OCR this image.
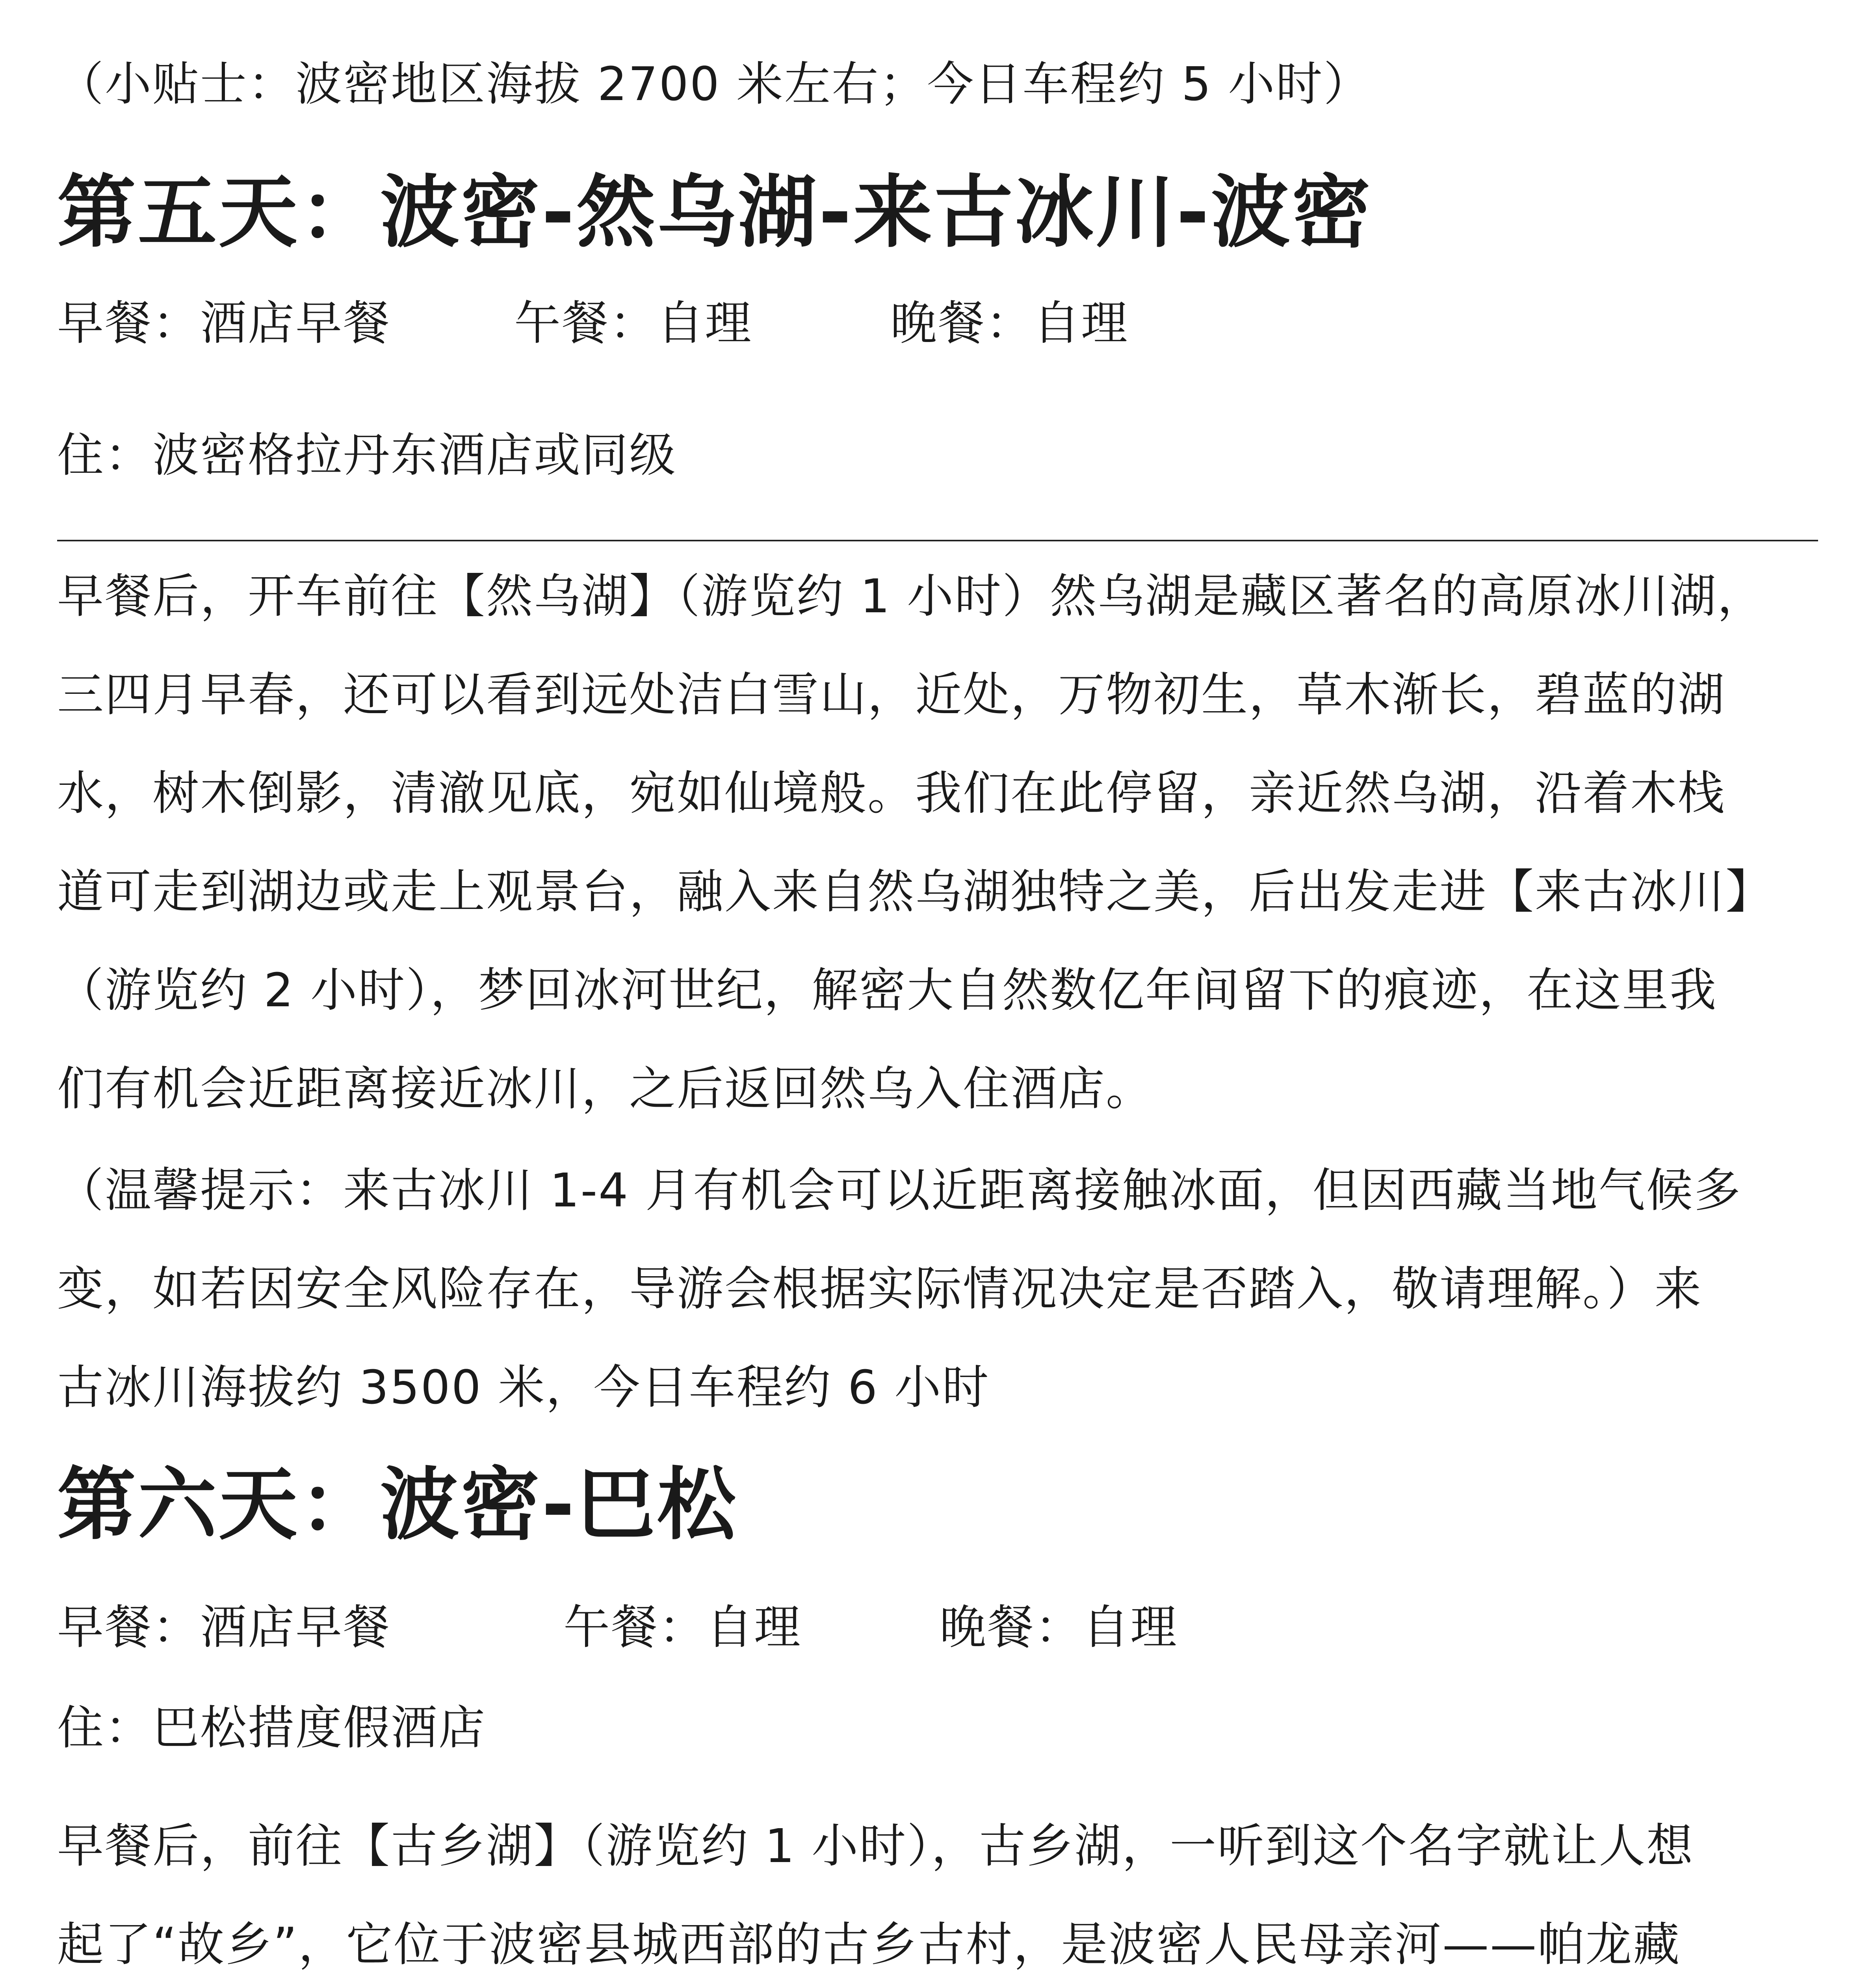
（小贴士：波密地区海拔 2700 米左右；今日车程约 5 小时）
第五天：波密-然乌湖-来古冰川-波密
早餐：酒店早餐	午餐：自理	晚餐：自理
住：波密格拉丹东酒店或同级
早餐后，开车前往【然乌湖】（游览约 1 小时）然乌湖是藏区著名的高原冰川湖，
三四月早春，还可以看到远处洁白雪山，近处，万物初生，草木渐长，碧蓝的湖
水，树木倒影，清澈见底，宛如仙境般。我们在此停留，亲近然乌湖，沿着木栈
道可走到湖边或走上观景台，融入来自然乌湖独特之美，后出发走进【来古冰川】
（游览约 2 小时），梦回冰河世纪，解密大自然数亿年间留下的痕迹，在这里我
们有机会近距离接近冰川，之后返回然乌入住酒店。
（温馨提示：来古冰川 1-4 月有机会可以近距离接触冰面，但因西藏当地气候多
变，如若因安全风险存在，导游会根据实际情况决定是否踏入，敬请理解。）来
古冰川海拔约 3500 米，今日车程约 6 小时
第六天：波密-巴松
早餐：酒店早餐	午餐：自理	晚餐：自理
住：巴松措度假酒店
早餐后，前往【古乡湖】（游览约 1 小时），古乡湖，一听到这个名字就让人想
起了“故乡”，它位于波密县城西部的古乡古村，是波密人民母亲河——帕龙藏
